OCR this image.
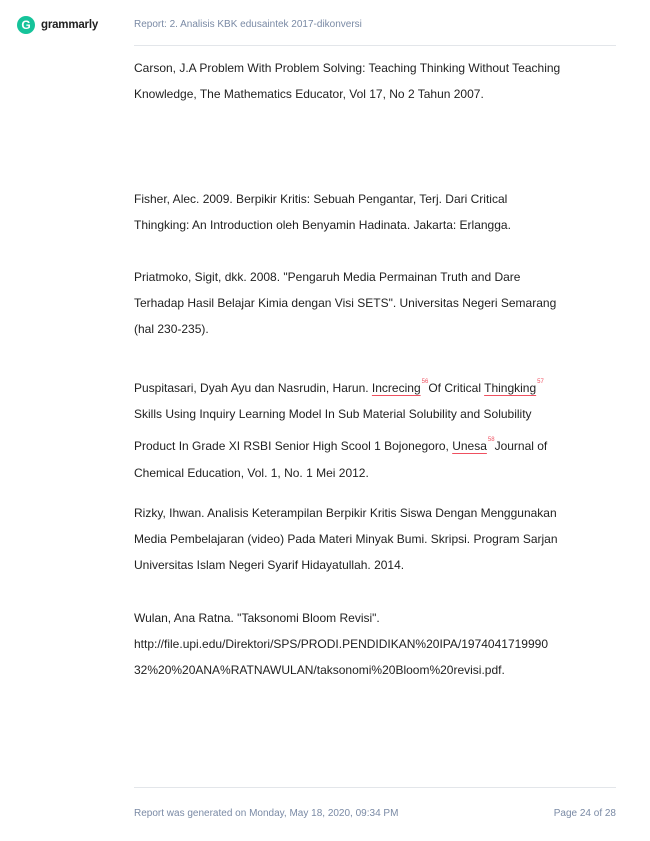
G grammarly	Report: 2. Analisis KBK edusaintek 2017-dikonversi

Carson, J.A Problem With Problem Solving: Teaching Thinking Without Teaching
Knowledge, The Mathematics Educator, Vol 17, No 2 Tahun 2007.

Fisher, Alec. 2009. Berpikir Kritis: Sebuah Pengantar, Terj. Dari Critical
Thingking: An Introduction oleh Benyamin Hadinata. Jakarta: Erlangga.

Priatmoko, Sigit, dkk. 2008. "Pengaruh Media Permainan Truth and Dare
Terhadap Hasil Belajar Kimia dengan Visi SETS". Universitas Negeri Semarang
(hal 230-235).

Puspitasari, Dyah Ayu dan Nasrudin, Harun. Increcing$^{56}$Of Critical Thingking$^{57}$
Skills Using Inquiry Learning Model In Sub Material Solubility and Solubility
Product In Grade XI RSBI Senior High Scool 1 Bojonegoro, Unesa$^{58}$Journal of
Chemical Education, Vol. 1, No. 1 Mei 2012.

Rizky, Ihwan. Analisis Keterampilan Berpikir Kritis Siswa Dengan Menggunakan
Media Pembelajaran (video) Pada Materi Minyak Bumi. Skripsi. Program Sarjan
Universitas Islam Negeri Syarif Hidayatullah. 2014.

Wulan, Ana Ratna. "Taksonomi Bloom Revisi".
http://file.upi.edu/Direktori/SPS/PRODI.PENDIDIKAN%20IPA/1974041719990
32%20%20ANA%RATNAWULAN/taksonomi%20Bloom%20revisi.pdf.

Report was generated on Monday, May 18, 2020, 09:34 PM	Page 24 of 28
